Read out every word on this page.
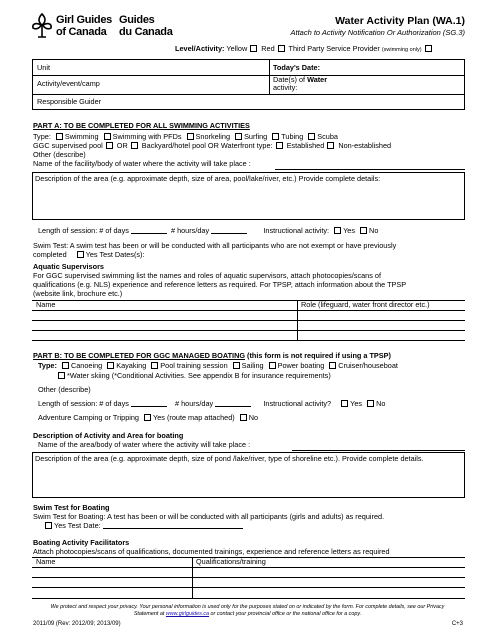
Girl Guides
of Canada
Guides
du Canada
Water Activity Plan (WA.1)
Attach to Activity Notification Or Authorization (SG.3)
Level/Activity: Yellow Red Third Party Service Provider (swimming only)
Unit	Today's Date:
Activity/event/camp	Date(s) of Water
activity:
Responsible Guider
PART A: TO BE COMPLETED FOR ALL SWIMMING ACTIVITIES
Type: Swimming Swimming with PFDs Snorkeling Surfing Tubing Scuba
GGC supervised pool OR Backyard/hotel pool OR Waterfront type: Established Non-established
Other (describe)
Name of the facility/body of water where the activity will take place :
Description of the area (e.g. approximate depth, size of area, pool/lake/river, etc.) Provide complete details:
Length of session: # of days	# hours/day	Instructional activity: Yes No
Swim Test: A swim test has been or will be conducted with all participants who are not exempt or have previously
completed	Yes Test Dates(s):
Aquatic Supervisors
For GGC supervised swimming list the names and roles of aquatic supervisors, attach photocopies/scans of
qualifications (e.g. NLS) experience and reference letters as required. For TPSP, attach information about the TPSP
(website link, brochure etc.)
Name	Role (lifeguard, water front director etc.)
PART B: TO BE COMPLETED FOR GGC MANAGED BOATING (this form is not required if using a TPSP)
Type: Canoeing Kayaking Pool training session Sailing Power boating Cruiser/houseboat
*Water skiing (*Conditional Activities. See appendix B for insurance requirements)
Other (describe)
Length of session: # of days	# hours/day	Instructional activity?	Yes No
Adventure Camping or Tripping Yes (route map attached) No
Description of Activity and Area for boating
Name of the area/body of water where the activity will take place :
Description of the area (e.g. approximate depth, size of pond /lake/river, type of shoreline etc.). Provide complete details.
Swim Test for Boating
Swim Test for Boating: A test has been or will be conducted with all participants (girls and adults) as required.
Yes Test Date:
Boating Activity Facilitators
Attach photocopies/scans of qualifications, documented trainings, experience and reference letters as required
Name	Qualifications/training
We protect and respect your privacy. Your personal information is used only for the purposes stated on or indicated by the form. For complete details, see our Privacy
Statement at www.girlguides.ca or contact your provincial office or the national office for a copy.
2011/09 (Rev: 2012/09; 2013/09)	C+3
